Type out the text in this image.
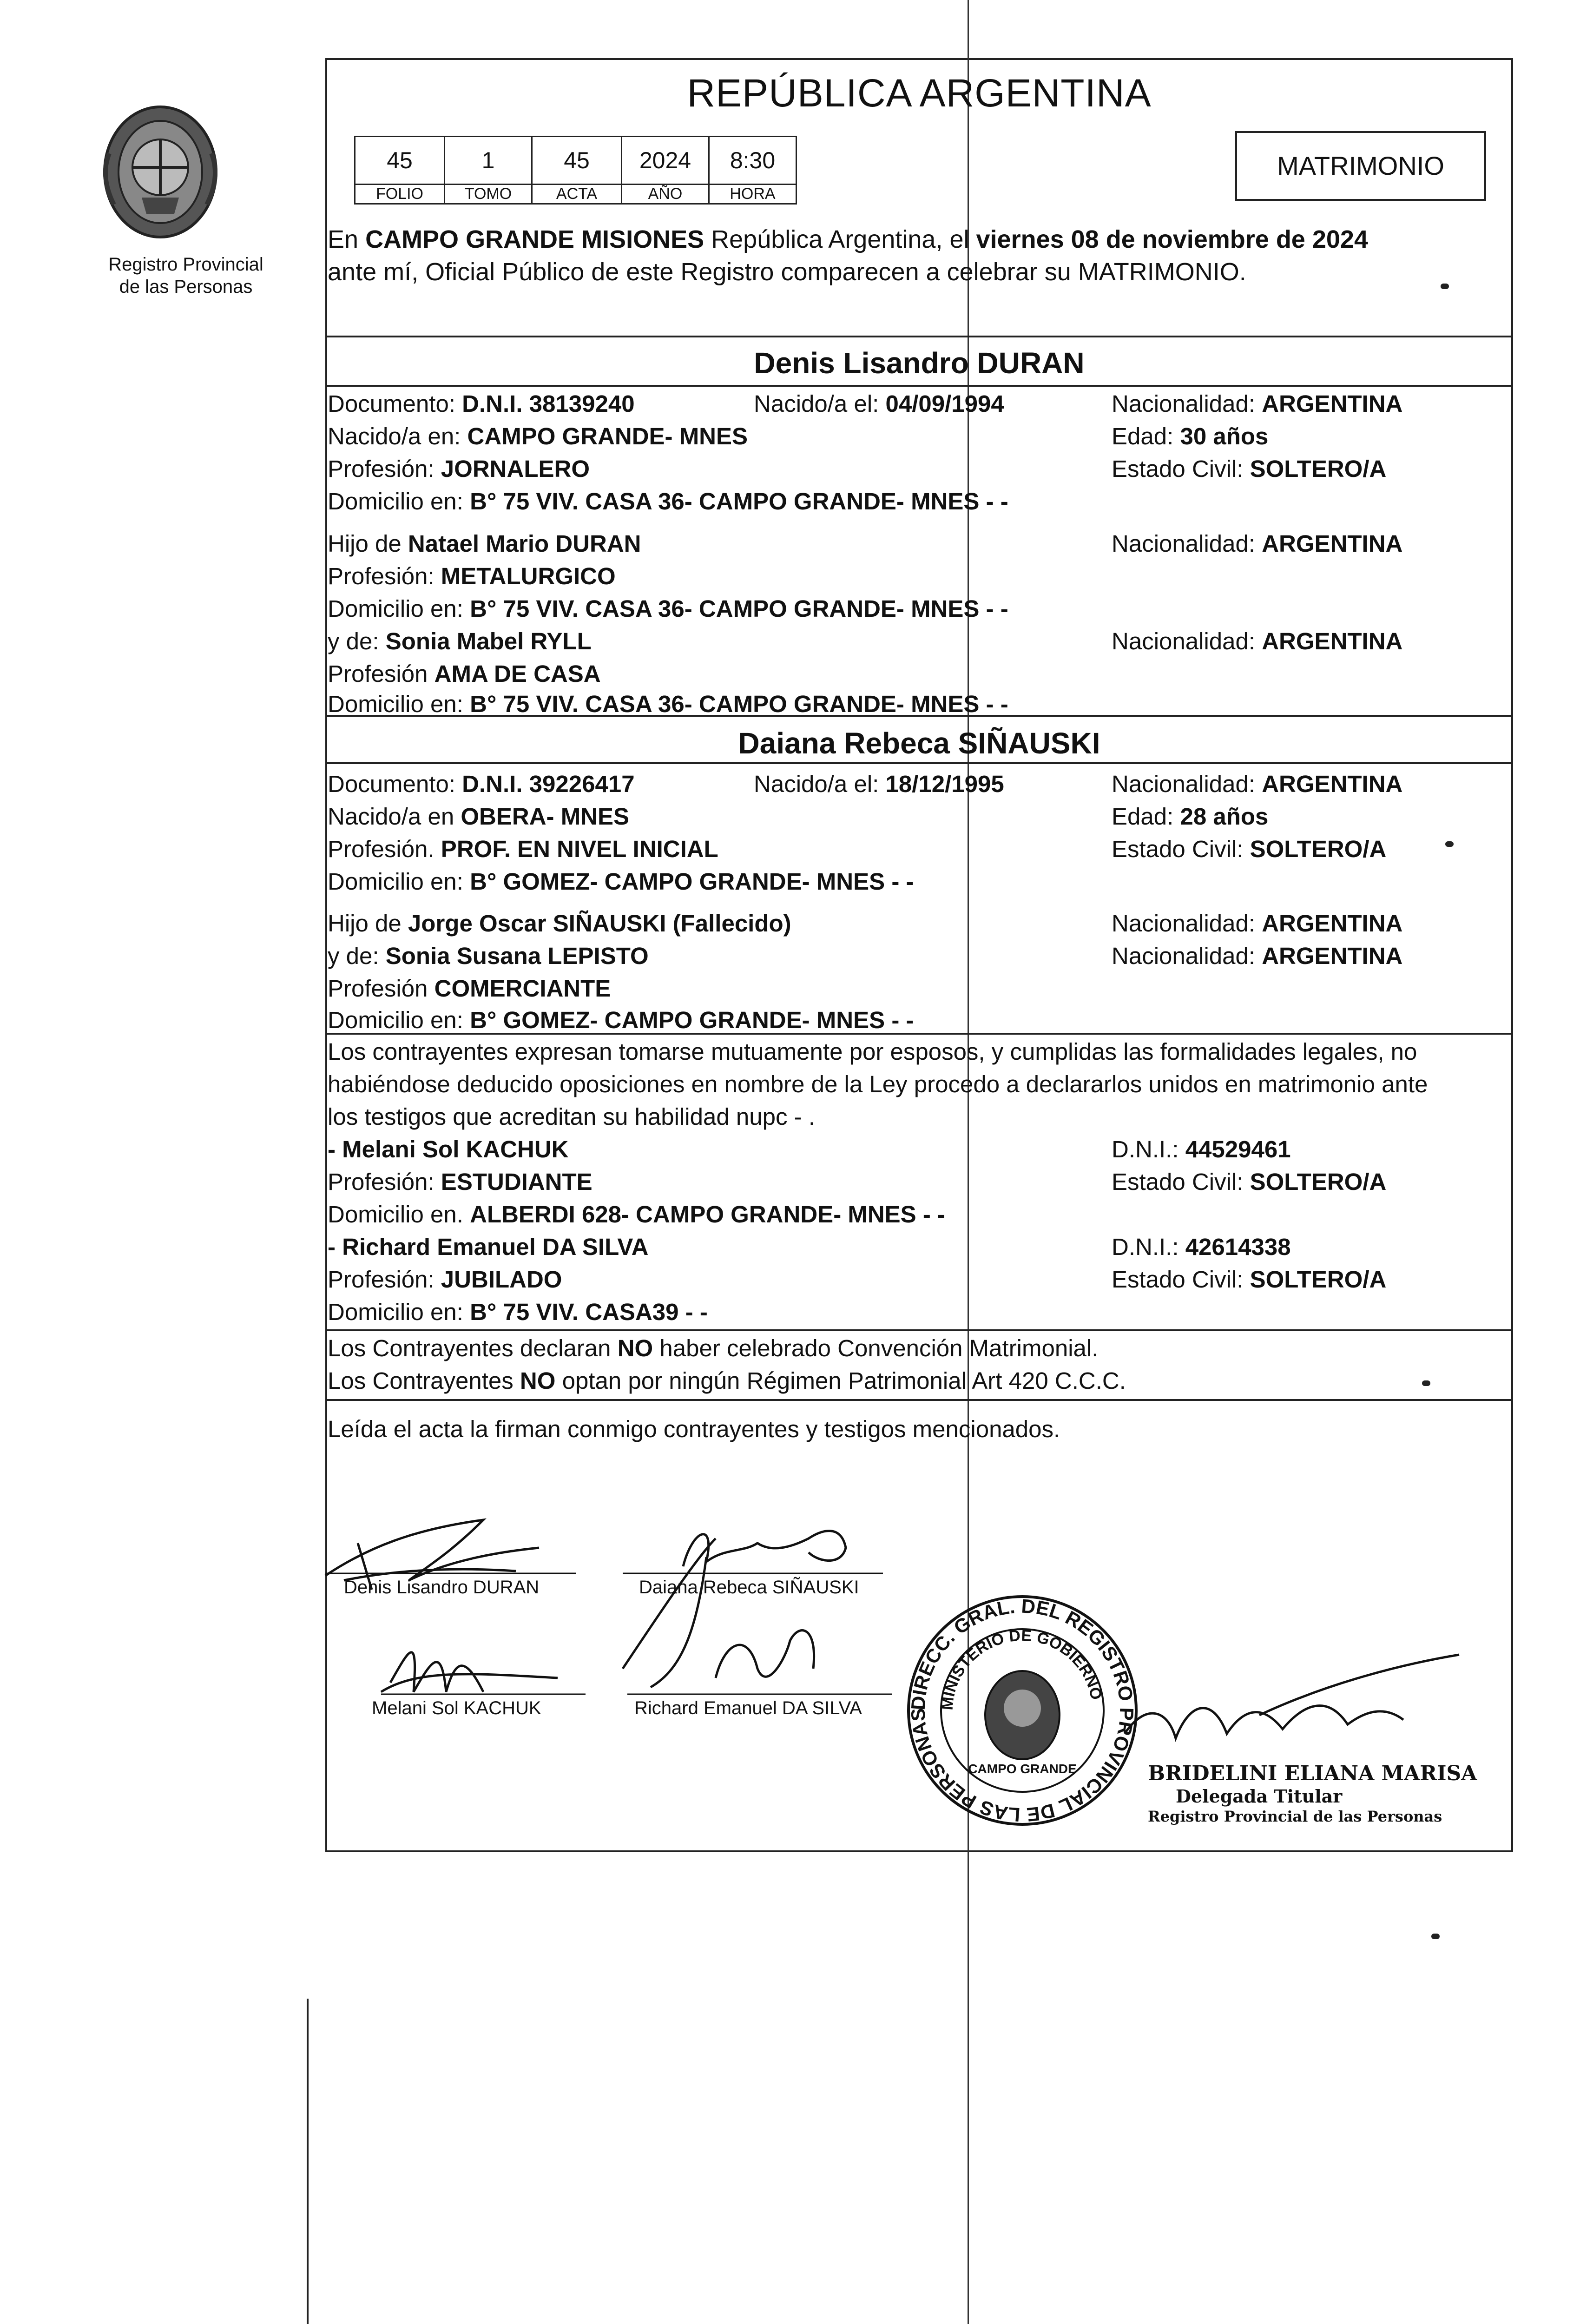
Registro Provincial
de las Personas
REPÚBLICA ARGENTINA
45	1	45	2024	8:30
FOLIO	TOMO	ACTA	AÑO	HORA
MATRIMONIO
En CAMPO GRANDE MISIONES República Argentina, el viernes 08 de noviembre de 2024
ante mí, Oficial Público de este Registro comparecen a celebrar su MATRIMONIO.
Denis Lisandro DURAN
Documento: D.N.I. 38139240	Nacido/a el: 04/09/1994	Nacionalidad: ARGENTINA
Nacido/a en: CAMPO GRANDE- MNES	Edad: 30 años
Profesión: JORNALERO	Estado Civil: SOLTERO/A
Domicilio en: B° 75 VIV. CASA 36- CAMPO GRANDE- MNES - -
Hijo de Natael Mario DURAN	Nacionalidad: ARGENTINA
Profesión: METALURGICO
Domicilio en: B° 75 VIV. CASA 36- CAMPO GRANDE- MNES - -
y de: Sonia Mabel RYLL	Nacionalidad: ARGENTINA
Profesión AMA DE CASA
Domicilio en: B° 75 VIV. CASA 36- CAMPO GRANDE- MNES - -
Daiana Rebeca SIÑAUSKI
Documento: D.N.I. 39226417	Nacido/a el: 18/12/1995	Nacionalidad: ARGENTINA
Nacido/a en OBERA- MNES	Edad: 28 años
Profesión. PROF. EN NIVEL INICIAL	Estado Civil: SOLTERO/A
Domicilio en: B° GOMEZ- CAMPO GRANDE- MNES - -
Hijo de Jorge Oscar SIÑAUSKI (Fallecido)	Nacionalidad: ARGENTINA
y de: Sonia Susana LEPISTO	Nacionalidad: ARGENTINA
Profesión COMERCIANTE
Domicilio en: B° GOMEZ- CAMPO GRANDE- MNES - -
Los contrayentes expresan tomarse mutuamente por esposos, y cumplidas las formalidades legales, no
habiéndose deducido oposiciones en nombre de la Ley procedo a declararlos unidos en matrimonio ante
los testigos que acreditan su habilidad nupc - .
- Melani Sol KACHUK	D.N.I.: 44529461
Profesión: ESTUDIANTE	Estado Civil: SOLTERO/A
Domicilio en. ALBERDI 628- CAMPO GRANDE- MNES - -
- Richard Emanuel DA SILVA	D.N.I.: 42614338
Profesión: JUBILADO	Estado Civil: SOLTERO/A
Domicilio en: B° 75 VIV. CASA39 - -
Los Contrayentes declaran NO haber celebrado Convención Matrimonial.
Los Contrayentes NO optan por ningún Régimen Patrimonial Art 420 C.C.C.
Leída el acta la firman conmigo contrayentes y testigos mencionados.
Denis Lisandro DURAN	Daiana Rebeca SIÑAUSKI
Melani Sol KACHUK	Richard Emanuel DA SILVA DIRECC. GRAL. DEL REGISTRO PROVINCIAL DE LAS PERSONAS
MINISTERIO DE GOBIERNO
CAMPO GRANDE	BRIDELINI ELIANA MARISA
Delegada Titular
Registro Provincial de las Personas
